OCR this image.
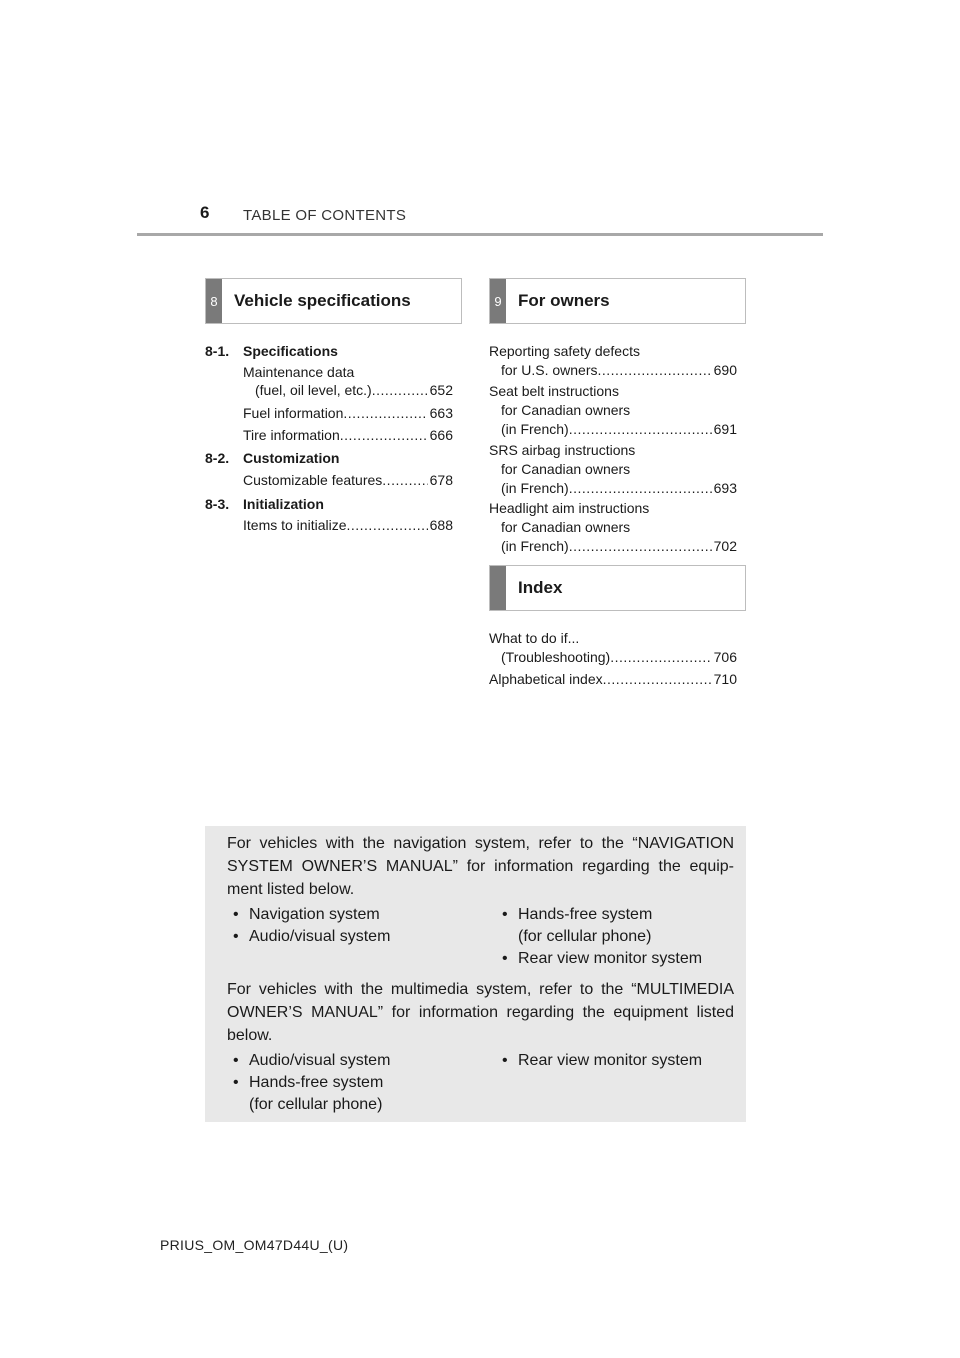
6 TABLE OF CONTENTS
8 Vehicle specifications	9 For owners
Index
8-1. Specifications
Maintenance data
(fuel, oil level, etc.) .....	652
Fuel information .....	663
Tire information .....	666
8-2. Customization
Customizable features .....	678
8-3. Initialization
Items to initialize .....	688
Reporting safety defects
for U.S. owners .....	690
Seat belt instructions
for Canadian owners
(in French) .....	691
SRS airbag instructions
for Canadian owners
(in French) .....	693
Headlight aim instructions
for Canadian owners
(in French) .....	702
What to do if...
(Troubleshooting) .....	706
Alphabetical index .....	710
For vehicles with the navigation system, refer to the “NAVIGATION SYSTEM OWNER’S MANUAL” for information regarding the equip-ment listed below.
• Navigation system
• Audio/visual system
• Hands-free system
(for cellular phone)
• Rear view monitor system
For vehicles with the multimedia system, refer to the “MULTIMEDIA OWNER’S MANUAL” for information regarding the equipment listed below.
• Audio/visual system
• Hands-free system
(for cellular phone)
• Rear view monitor system
PRIUS_OM_OM47D44U_(U)
